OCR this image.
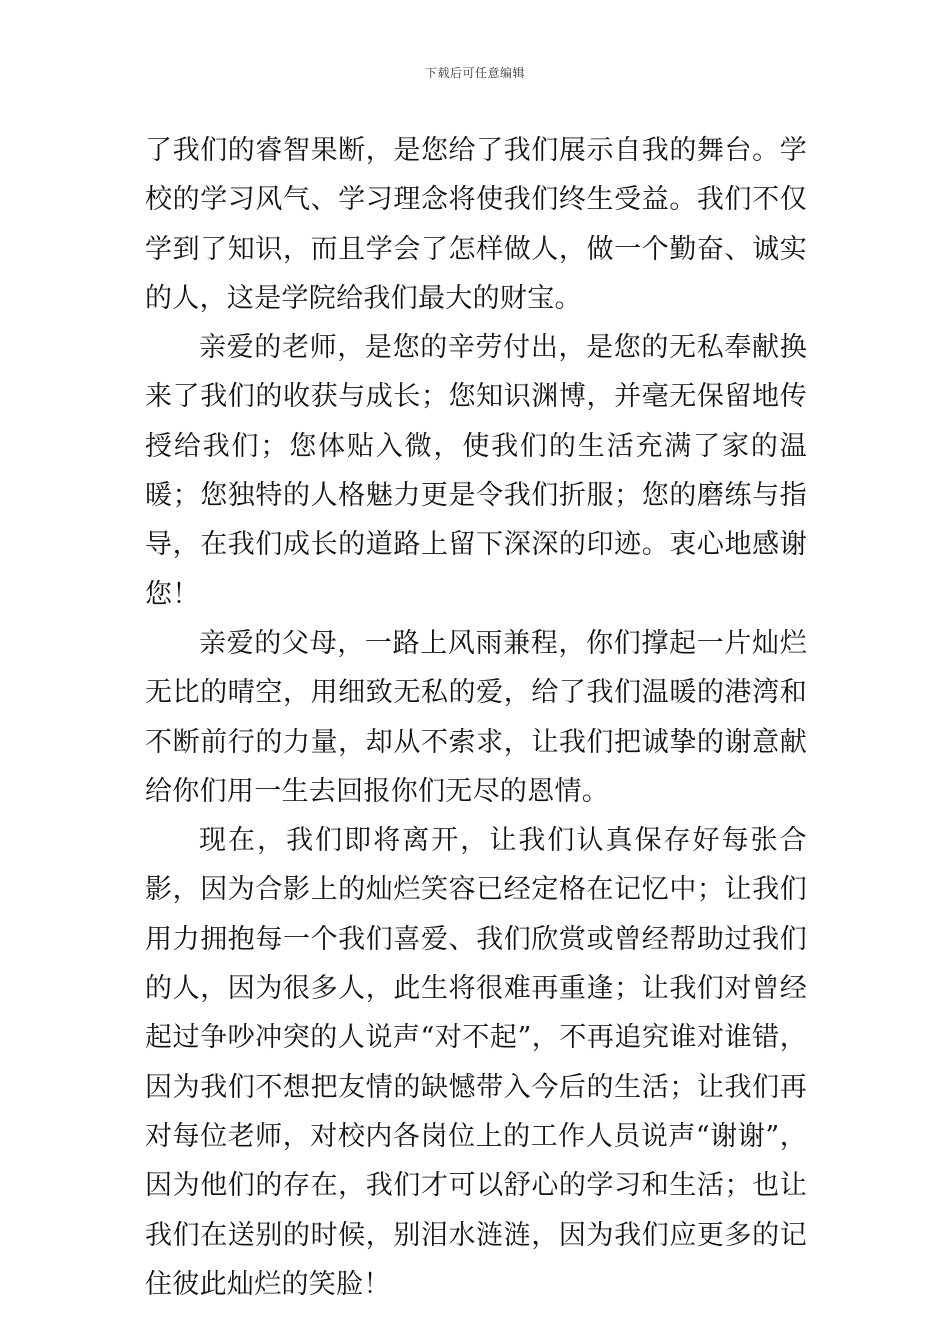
下载后可任意编辑

了我们的睿智果断，是您给了我们展示自我的舞台。学校的学习风气、学习理念将使我们终生受益。我们不仅学到了知识，而且学会了怎样做人，做一个勤奋、诚实的人，这是学院给我们最大的财宝。

亲爱的老师，是您的辛劳付出，是您的无私奉献换来了我们的收获与成长；您知识渊博，并毫无保留地传授给我们；您体贴入微，使我们的生活充满了家的温暖；您独特的人格魅力更是令我们折服；您的磨练与指导，在我们成长的道路上留下深深的印迹。衷心地感谢您！

亲爱的父母，一路上风雨兼程，你们撑起一片灿烂无比的晴空，用细致无私的爱，给了我们温暖的港湾和不断前行的力量，却从不索求，让我们把诚挚的谢意献给你们用一生去回报你们无尽的恩情。

现在，我们即将离开，让我们认真保存好每张合影，因为合影上的灿烂笑容已经定格在记忆中；让我们用力拥抱每一个我们喜爱、我们欣赏或曾经帮助过我们的人，因为很多人，此生将很难再重逢；让我们对曾经起过争吵冲突的人说声“对不起”，不再追究谁对谁错，因为我们不想把友情的缺憾带入今后的生活；让我们再对每位老师，对校内各岗位上的工作人员说声“谢谢”，因为他们的存在，我们才可以舒心的学习和生活；也让我们在送别的时候，别泪水涟涟，因为我们应更多的记住彼此灿烂的笑脸！
